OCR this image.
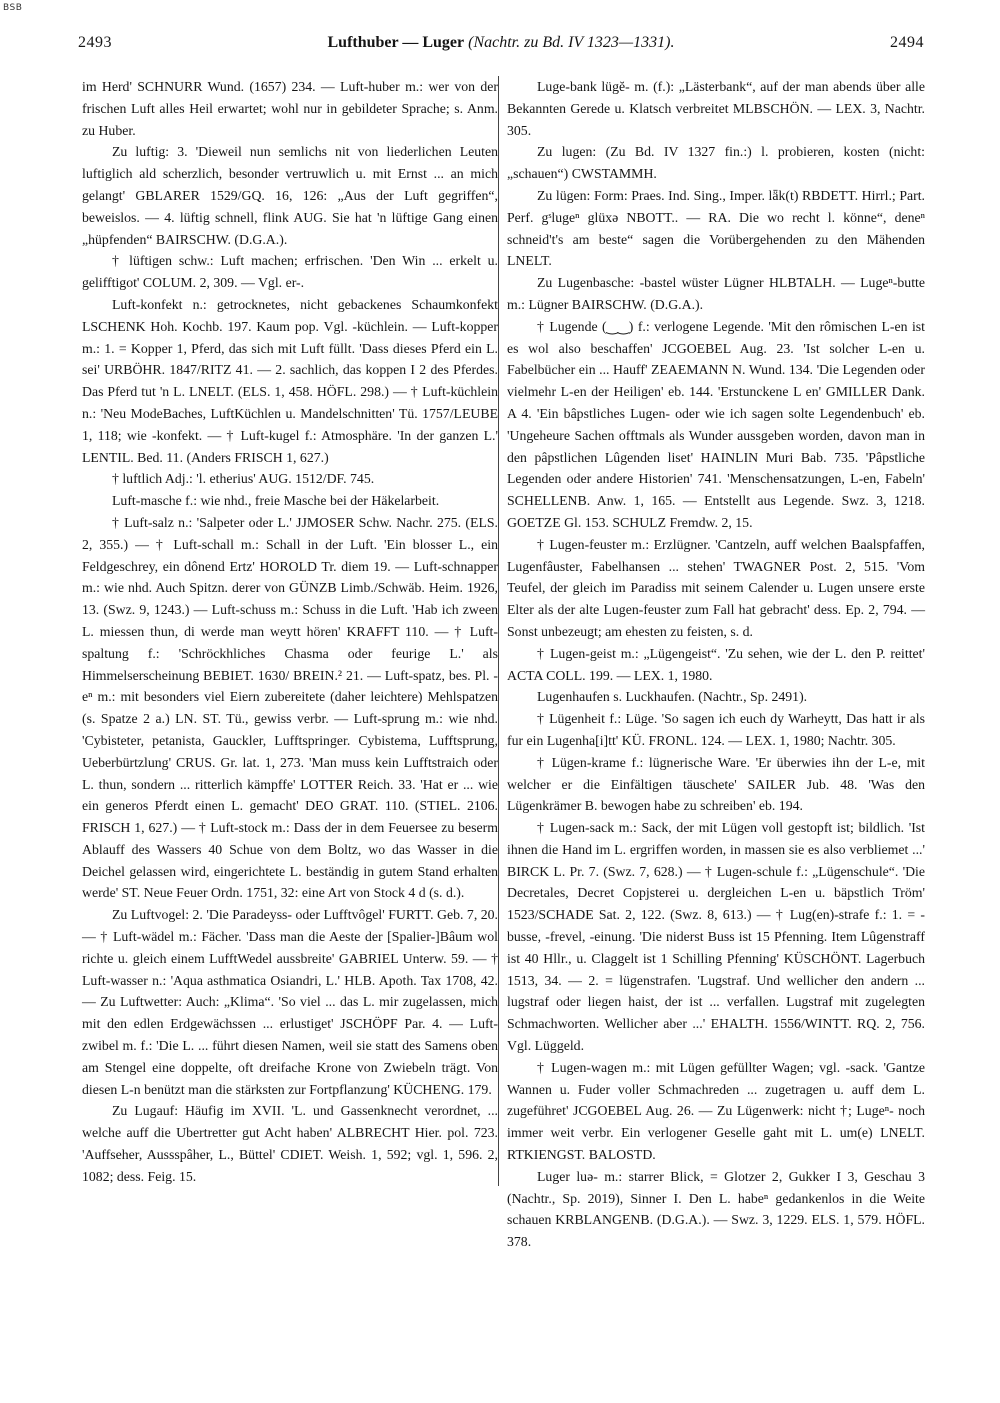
BSB
2493	Lufthuber — Luger (Nachtr. zu Bd. IV 1323—1331).	2494

im Herd' SCHNURR Wund. (1657) 234. — Luft-huber m.: wer von der frischen Luft alles Heil erwartet; wohl nur in gebildeter Sprache; s. Anm. zu Huber.

Zu luftig: 3. 'Dieweil nun semlichs nit von liederlichen Leuten luftiglich ald scherzlich, besonder vertruwlich u. mit Ernst ... an mich gelangt' GBLARER 1529/GQ. 16, 126: „Aus der Luft gegriffen“, beweislos. — 4. lüftig schnell, flink AUG. Sie hat 'n lüftige Gang einen „hüpfenden“ BAIRSCHW. (D.G.A.).

† lüftigen schw.: Luft machen; erfrischen. 'Den Win ... erkelt u. gelifftigot' COLUM. 2, 309. — Vgl. er-.

Luft-konfekt n.: getrocknetes, nicht gebackenes Schaumkonfekt LSCHENK Hoh. Kochb. 197. Kaum pop. Vgl. -küchlein. — Luft-kopper m.: 1. = Kopper 1, Pferd, das sich mit Luft füllt. 'Dass dieses Pferd ein L. sei' URBÖHR. 1847/RITZ 41. — 2. sachlich, das koppen I 2 des Pferdes. Das Pferd tut 'n L. LNELT. (ELS. 1, 458. HÖFL. 298.) — † Luft-küchlein n.: 'Neu ModeBaches, LuftKüchlen u. Mandelschnitten' Tü. 1757/LEUBE 1, 118; wie -konfekt. — † Luft-kugel f.: Atmosphäre. 'In der ganzen L.' LENTIL. Bed. 11. (Anders FRISCH 1, 627.)

† luftlich Adj.: 'l. etherius' AUG. 1512/DF. 745.

Luft-masche f.: wie nhd., freie Masche bei der Häkelarbeit.

† Luft-salz n.: 'Salpeter oder L.' JJMOSER Schw. Nachr. 275. (ELS. 2, 355.) — † Luft-schall m.: Schall in der Luft. 'Ein blosser L., ein Feldgeschrey, ein dônend Ertz' HOROLD Tr. diem 19. — Luft-schnapper m.: wie nhd. Auch Spitzn. derer von GÜNZB Limb./Schwäb. Heim. 1926, 13. (Swz. 9, 1243.) — Luft-schuss m.: Schuss in die Luft. 'Hab ich zween L. miessen thun, di werde man weytt hören' KRAFFT 110. — † Luft-spaltung f.: 'Schröckhliches Chasma oder feurige L.' als Himmelserscheinung BEBIET. 1630/ BREIN.² 21. — Luft-spatz, bes. Pl. -eⁿ m.: mit besonders viel Eiern zubereitete (daher leichtere) Mehlspatzen (s. Spatze 2 a.) LN. ST. Tü., gewiss verbr. — Luft-sprung m.: wie nhd. 'Cybisteter, petanista, Gauckler, Lufftspringer. Cybistema, Lufftsprung, Ueberbürtzlung' CRUS. Gr. lat. 1, 273. 'Man muss kein Lufftstraich oder L. thun, sondern ... ritterlich kämpffe' LOTTER Reich. 33. 'Hat er ... wie ein generos Pferdt einen L. gemacht' DEO GRAT. 110. (STIEL. 2106. FRISCH 1, 627.) — † Luft-stock m.: Dass der in dem Feuersee zu beserm Ablauff des Wassers 40 Schue von dem Boltz, wo das Wasser in die Deichel gelassen wird, eingerichtete L. beständig in gutem Stand erhalten werde' ST. Neue Feuer Ordn. 1751, 32: eine Art von Stock 4 d (s. d.).

Zu Luftvogel: 2. 'Die Paradeyss- oder Lufftvôgel' FURTT. Geb. 7, 20. — † Luft-wädel m.: Fächer. 'Dass man die Aeste der [Spalier-]Bâum wol richte u. gleich einem LufftWedel aussbreite' GABRIEL Unterw. 59. — † Luft-wasser n.: 'Aqua asthmatica Osiandri, L.' HLB. Apoth. Tax 1708, 42. — Zu Luftwetter: Auch: „Klima“. 'So viel ... das L. mir zugelassen, mich mit den edlen Erdgewächssen ... erlustiget' JSCHÖPF Par. 4. — Luft-zwibel m. f.: 'Die L. ... führt diesen Namen, weil sie statt des Samens oben am Stengel eine doppelte, oft dreifache Krone von Zwiebeln trägt. Von diesen L-n benützt man die stärksten zur Fortpflanzung' KÜCHENG. 179.

Zu Lugauf: Häufig im XVII. 'L. und Gassenknecht verordnet, ... welche auff die Ubertretter gut Acht haben' ALBRECHT Hier. pol. 723. 'Auffseher, Aussspâher, L., Büttel' CDIET. Weish. 1, 592; vgl. 1, 596. 2, 1082; dess. Feig. 15.

Luge-bank lügĕ- m. (f.): „Lästerbank“, auf der man abends über alle Bekannten Gerede u. Klatsch verbreitet MLBSCHÖN. — LEX. 3, Nachtr. 305.

Zu lugen: (Zu Bd. IV 1327 fin.:) l. probieren, kosten (nicht: „schauen“) CWSTAMMH.

Zu lügen: Form: Praes. Ind. Sing., Imper. lǟk(t) RBDETT. Hirrl.; Part. Perf. gˢlugeⁿ glüxə NBOTT.. — RA. Die wo recht l. könne“, deneⁿ schneid't's am beste“ sagen die Vorübergehenden zu den Mähenden LNELT.

Zu Lugenbasche: -bastel wüster Lügner HLBTALH. — Lugeⁿ-butte m.: Lügner BAIRSCHW. (D.G.A.).

† Lugende (‿‿) f.: verlogene Legende. 'Mit den rômischen L-en ist es wol also beschaffen' JCGOEBEL Aug. 23. 'Ist solcher L-en u. Fabelbücher ein ... Hauff' ZEAEMANN N. Wund. 134. 'Die Legenden oder vielmehr L-en der Heiligen' eb. 144. 'Erstunckene L en' GMILLER Dank. A 4. 'Ein bâpstliches Lugen- oder wie ich sagen solte Legendenbuch' eb. 'Ungeheure Sachen offtmals als Wunder aussgeben worden, davon man in den pâpstlichen Lûgenden liset' HAINLIN Muri Bab. 735. 'Pâpstliche Legenden oder andere Historien' 741. 'Menschensatzungen, L-en, Fabeln' SCHELLENB. Anw. 1, 165. — Entstellt aus Legende. Swz. 3, 1218. GOETZE Gl. 153. SCHULZ Fremdw. 2, 15.

† Lugen-feuster m.: Erzlügner. 'Cantzeln, auff welchen Baalspfaffen, Lugenfâuster, Fabelhansen ... stehen' TWAGNER Post. 2, 515. 'Vom Teufel, der gleich im Paradiss mit seinem Calender u. Lugen unsere erste Elter als der alte Lugen-feuster zum Fall hat gebracht' dess. Ep. 2, 794. — Sonst unbezeugt; am ehesten zu feisten, s. d.

† Lugen-geist m.: „Lügengeist“. 'Zu sehen, wie der L. den P. reittet' ACTA COLL. 199. — LEX. 1, 1980.

Lugenhaufen s. Luckhaufen. (Nachtr., Sp. 2491).

† Lügenheit f.: Lüge. 'So sagen ich euch dy Warheytt, Das hatt ir als fur ein Lugenha[i]tt' KÜ. FRONL. 124. — LEX. 1, 1980; Nachtr. 305.

† Lügen-krame f.: lügnerische Ware. 'Er überwies ihn der L-e, mit welcher er die Einfältigen täuschete' SAILER Jub. 48. 'Was den Lügenkrämer B. bewogen habe zu schreiben' eb. 194.

† Lugen-sack m.: Sack, der mit Lügen voll gestopft ist; bildlich. 'Ist ihnen die Hand im L. ergriffen worden, in massen sie es also verbliemet ...' BIRCK L. Pr. 7. (Swz. 7, 628.) — † Lugen-schule f.: „Lügenschule“. 'Die Decretales, Decret Copjsterei u. dergleichen L-en u. bäpstlich Tröm' 1523/SCHADE Sat. 2, 122. (Swz. 8, 613.) — † Lug(en)-strafe f.: 1. = -busse, -frevel, -einung. 'Die niderst Buss ist 15 Pfenning. Item Lûgenstraff ist 40 Hllr., u. Claggelt ist 1 Schilling Pfenning' KÜSCHÖNT. Lagerbuch 1513, 34. — 2. = lügenstrafen. 'Lugstraf. Und wellicher den andern ... lugstraf oder liegen haist, der ist ... verfallen. Lugstraf mit zugelegten Schmachworten. Wellicher aber ...' EHALTH. 1556/WINTT. RQ. 2, 756. Vgl. Lüggeld.

† Lugen-wagen m.: mit Lügen gefüllter Wagen; vgl. -sack. 'Gantze Wannen u. Fuder voller Schmachreden ... zugetragen u. auff dem L. zugeführet' JCGOEBEL Aug. 26. — Zu Lügenwerk: nicht †; Lugeⁿ- noch immer weit verbr. Ein verlogener Geselle gaht mit L. um(e) LNELT. RTKIENGST. BALOSTD.

Luger luə- m.: starrer Blick, = Glotzer 2, Gukker I 3, Geschau 3 (Nachtr., Sp. 2019), Sinner I. Den L. habeⁿ gedankenlos in die Weite schauen KRBLANGENB. (D.G.A.). — Swz. 3, 1229. ELS. 1, 579. HÖFL. 378.
